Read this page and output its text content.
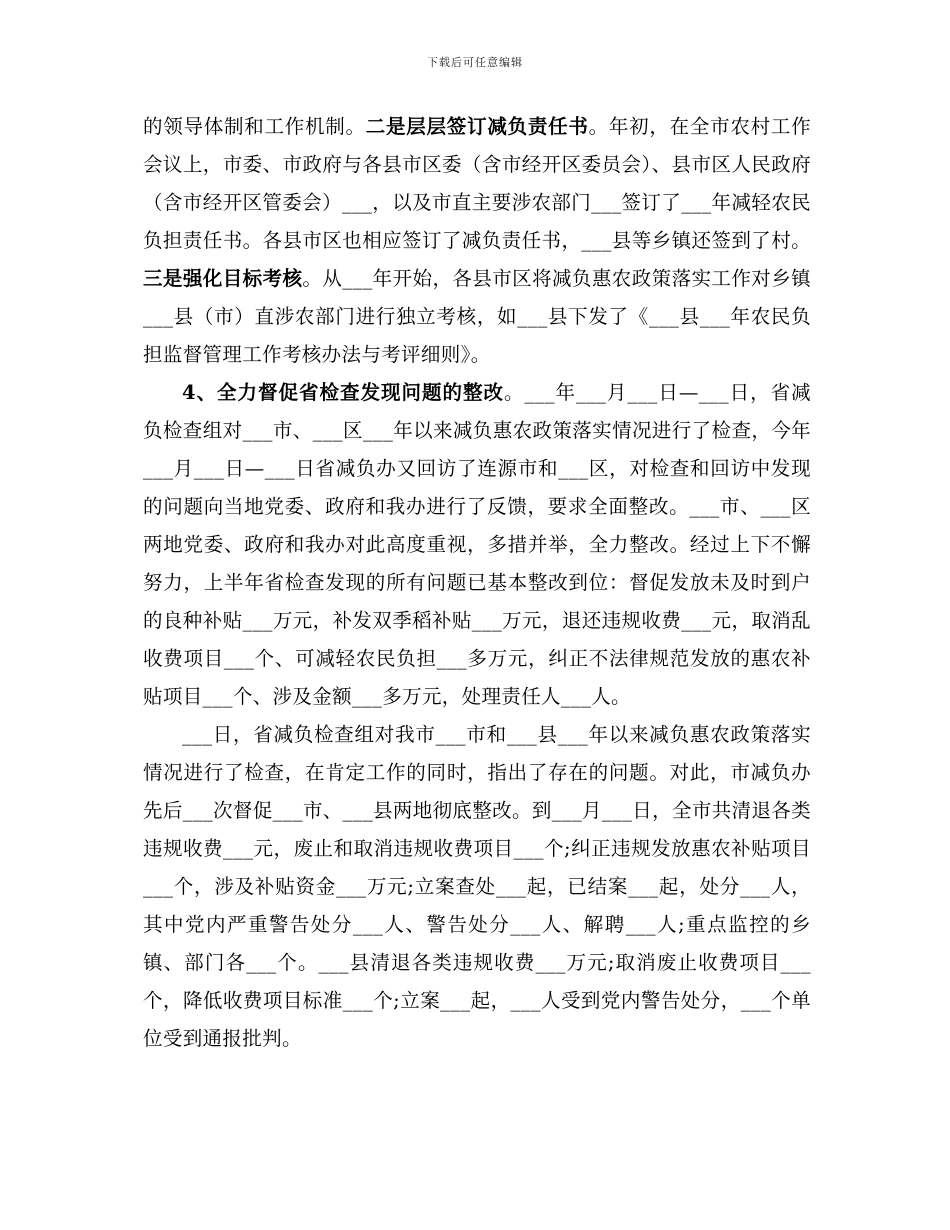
下载后可任意编辑

的领导体制和工作机制。二是层层签订减负责任书。年初，在全市农村工作会议上，市委、市政府与各县市区委（含市经开区委员会）、县市区人民政府（含市经开区管委会）___，以及市直主要涉农部门___签订了___年减轻农民负担责任书。各县市区也相应签订了减负责任书，___县等乡镇还签到了村。三是强化目标考核。从___年开始，各县市区将减负惠农政策落实工作对乡镇___县（市）直涉农部门进行独立考核，如___县下发了《___县___年农民负担监督管理工作考核办法与考评细则》。

4、全力督促省检查发现问题的整改。___年___月___日—___日，省减负检查组对___市、___区___年以来减负惠农政策落实情况进行了检查，今年___月___日—___日省减负办又回访了连源市和___区，对检查和回访中发现的问题向当地党委、政府和我办进行了反馈，要求全面整改。___市、___区两地党委、政府和我办对此高度重视，多措并举，全力整改。经过上下不懈努力，上半年省检查发现的所有问题已基本整改到位：督促发放未及时到户的良种补贴___万元，补发双季稻补贴___万元，退还违规收费___元，取消乱收费项目___个、可减轻农民负担___多万元，纠正不法律规范发放的惠农补贴项目___个、涉及金额___多万元，处理责任人___人。

___日，省减负检查组对我市___市和___县___年以来减负惠农政策落实情况进行了检查，在肯定工作的同时，指出了存在的问题。对此，市减负办先后___次督促___市、___县两地彻底整改。到___月___日，全市共清退各类违规收费___元，废止和取消违规收费项目___个;纠正违规发放惠农补贴项目___个，涉及补贴资金___万元;立案查处___起，已结案___起，处分___人，其中党内严重警告处分___人、警告处分___人、解聘___人;重点监控的乡镇、部门各___个。___县清退各类违规收费___万元;取消废止收费项目___个，降低收费项目标准___个;立案___起，___人受到党内警告处分，___个单位受到通报批判。
